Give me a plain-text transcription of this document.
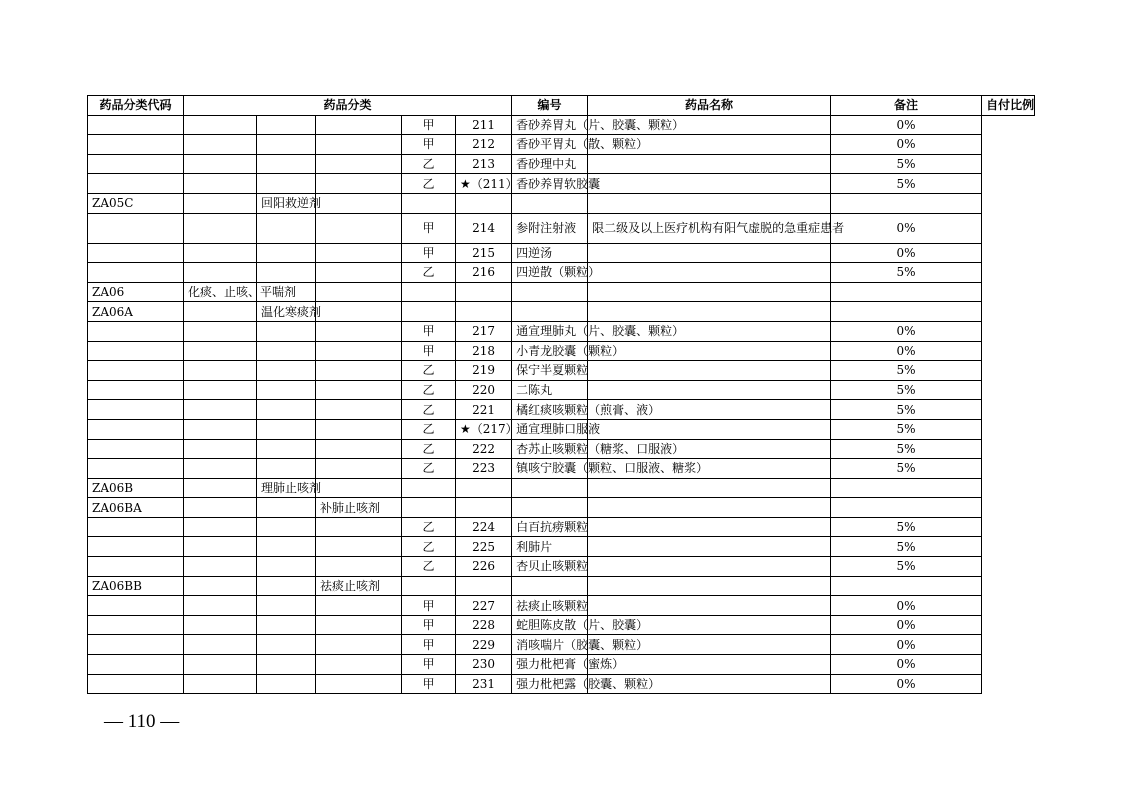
药品分类代码	药品分类					编号	药品名称	备注	自付比例
				甲	211	香砂养胃丸（片、胶囊、颗粒）		0%	
				甲	212	香砂平胃丸（散、颗粒）		0%	
				乙	213	香砂理中丸		5%	
				乙	★（211）	香砂养胃软胶囊		5%	
ZA05C		回阳救逆剂							
				甲	214	参附注射液	限二级及以上医疗机构有阳气虚脱的急重症患者	0%	
				甲	215	四逆汤		0%	
				乙	216	四逆散（颗粒）		5%	
ZA06	化痰、止咳、平喘剂								
ZA06A		温化寒痰剂							
				甲	217	通宣理肺丸（片、胶囊、颗粒）		0%	
				甲	218	小青龙胶囊（颗粒）		0%	
				乙	219	保宁半夏颗粒		5%	
				乙	220	二陈丸		5%	
				乙	221	橘红痰咳颗粒（煎膏、液）		5%	
				乙	★（217）	通宣理肺口服液		5%	
				乙	222	杏苏止咳颗粒（糖浆、口服液）		5%	
				乙	223	镇咳宁胶囊（颗粒、口服液、糖浆）		5%	
ZA06B		理肺止咳剂							
ZA06BA			补肺止咳剂						
				乙	224	白百抗痨颗粒		5%	
				乙	225	利肺片		5%	
				乙	226	杏贝止咳颗粒		5%	
ZA06BB			祛痰止咳剂						
				甲	227	祛痰止咳颗粒		0%	
				甲	228	蛇胆陈皮散（片、胶囊）		0%	
				甲	229	消咳喘片（胶囊、颗粒）		0%	
				甲	230	强力枇杷膏（蜜炼）		0%	
				甲	231	强力枇杷露（胶囊、颗粒）		0%	
— 110 —
